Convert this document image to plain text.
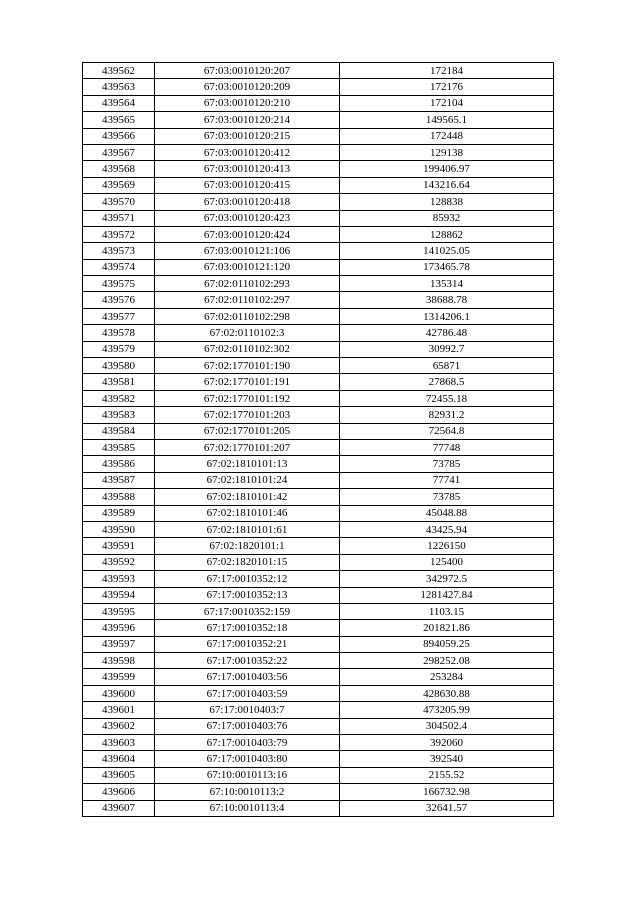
439562	67:03:0010120:207	172184
439563	67:03:0010120:209	172176
439564	67:03:0010120:210	172104
439565	67:03:0010120:214	149565.1
439566	67:03:0010120:215	172448
439567	67:03:0010120:412	129138
439568	67:03:0010120:413	199406.97
439569	67:03:0010120:415	143216.64
439570	67:03:0010120:418	128838
439571	67:03:0010120:423	85932
439572	67:03:0010120:424	128862
439573	67:03:0010121:106	141025.05
439574	67:03:0010121:120	173465.78
439575	67:02:0110102:293	135314
439576	67:02:0110102:297	38688.78
439577	67:02:0110102:298	1314206.1
439578	67:02:0110102:3	42786.48
439579	67:02:0110102:302	30992.7
439580	67:02:1770101:190	65871
439581	67:02:1770101:191	27868.5
439582	67:02:1770101:192	72455.18
439583	67:02:1770101:203	82931.2
439584	67:02:1770101:205	72564.8
439585	67:02:1770101:207	77748
439586	67:02:1810101:13	73785
439587	67:02:1810101:24	77741
439588	67:02:1810101:42	73785
439589	67:02:1810101:46	45048.88
439590	67:02:1810101:61	43425.94
439591	67:02:1820101:1	1226150
439592	67:02:1820101:15	125400
439593	67:17:0010352:12	342972.5
439594	67:17:0010352:13	1281427.84
439595	67:17:0010352:159	1103.15
439596	67:17:0010352:18	201821.86
439597	67:17:0010352:21	894059.25
439598	67:17:0010352:22	298252.08
439599	67:17:0010403:56	253284
439600	67:17:0010403:59	428630.88
439601	67:17:0010403:7	473205.99
439602	67:17:0010403:76	304502.4
439603	67:17:0010403:79	392060
439604	67:17:0010403:80	392540
439605	67:10:0010113:16	2155.52
439606	67:10:0010113:2	166732.98
439607	67:10:0010113:4	32641.57
